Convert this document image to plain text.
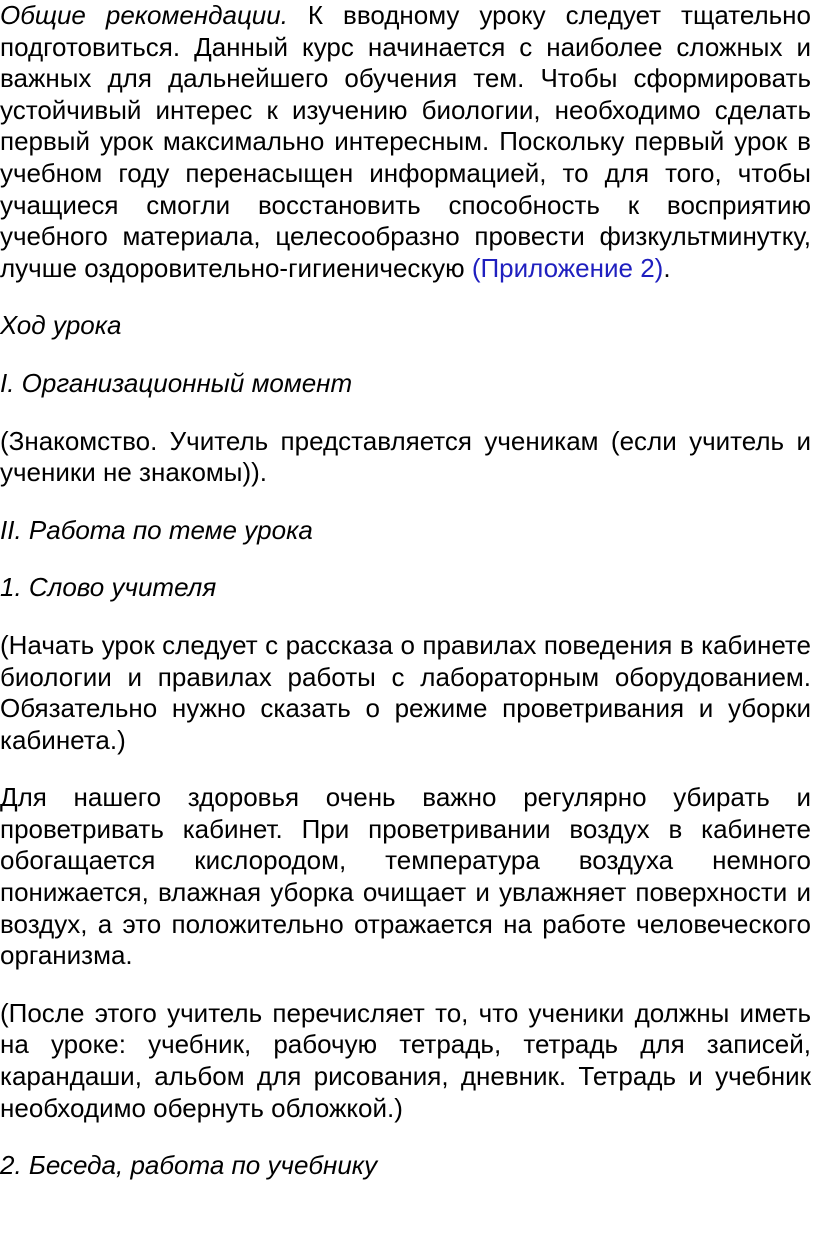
Общие рекомендации. К вводному уроку следует тщательно подготовиться. Данный курс начинается с наиболее сложных и важных для дальнейшего обучения тем. Чтобы сформировать устойчивый интерес к изучению биологии, необходимо сделать первый урок максимально интересным. Поскольку первый урок в учебном году перенасыщен информацией, то для того, чтобы учащиеся смогли восстановить способность к восприятию учебного материала, целесообразно провести физкультминутку, лучше оздоровительно-гигиеническую (Приложение 2).

Ход урока

I. Организационный момент

(Знакомство. Учитель представляется ученикам (если учитель и ученики не знакомы)).

II. Работа по теме урока

1. Слово учителя

(Начать урок следует с рассказа о правилах поведения в кабинете биологии и правилах работы с лабораторным оборудованием. Обязательно нужно сказать о режиме проветривания и уборки кабинета.)

Для нашего здоровья очень важно регулярно убирать и проветривать кабинет. При проветривании воздух в кабинете обогащается кислородом, температура воздуха немного понижается, влажная уборка очищает и увлажняет поверхности и воздух, а это положительно отражается на работе человеческого организма.

(После этого учитель перечисляет то, что ученики должны иметь на уроке: учебник, рабочую тетрадь, тетрадь для записей, карандаши, альбом для рисования, дневник. Тетрадь и учебник необходимо обернуть обложкой.)

2. Беседа, работа по учебнику
